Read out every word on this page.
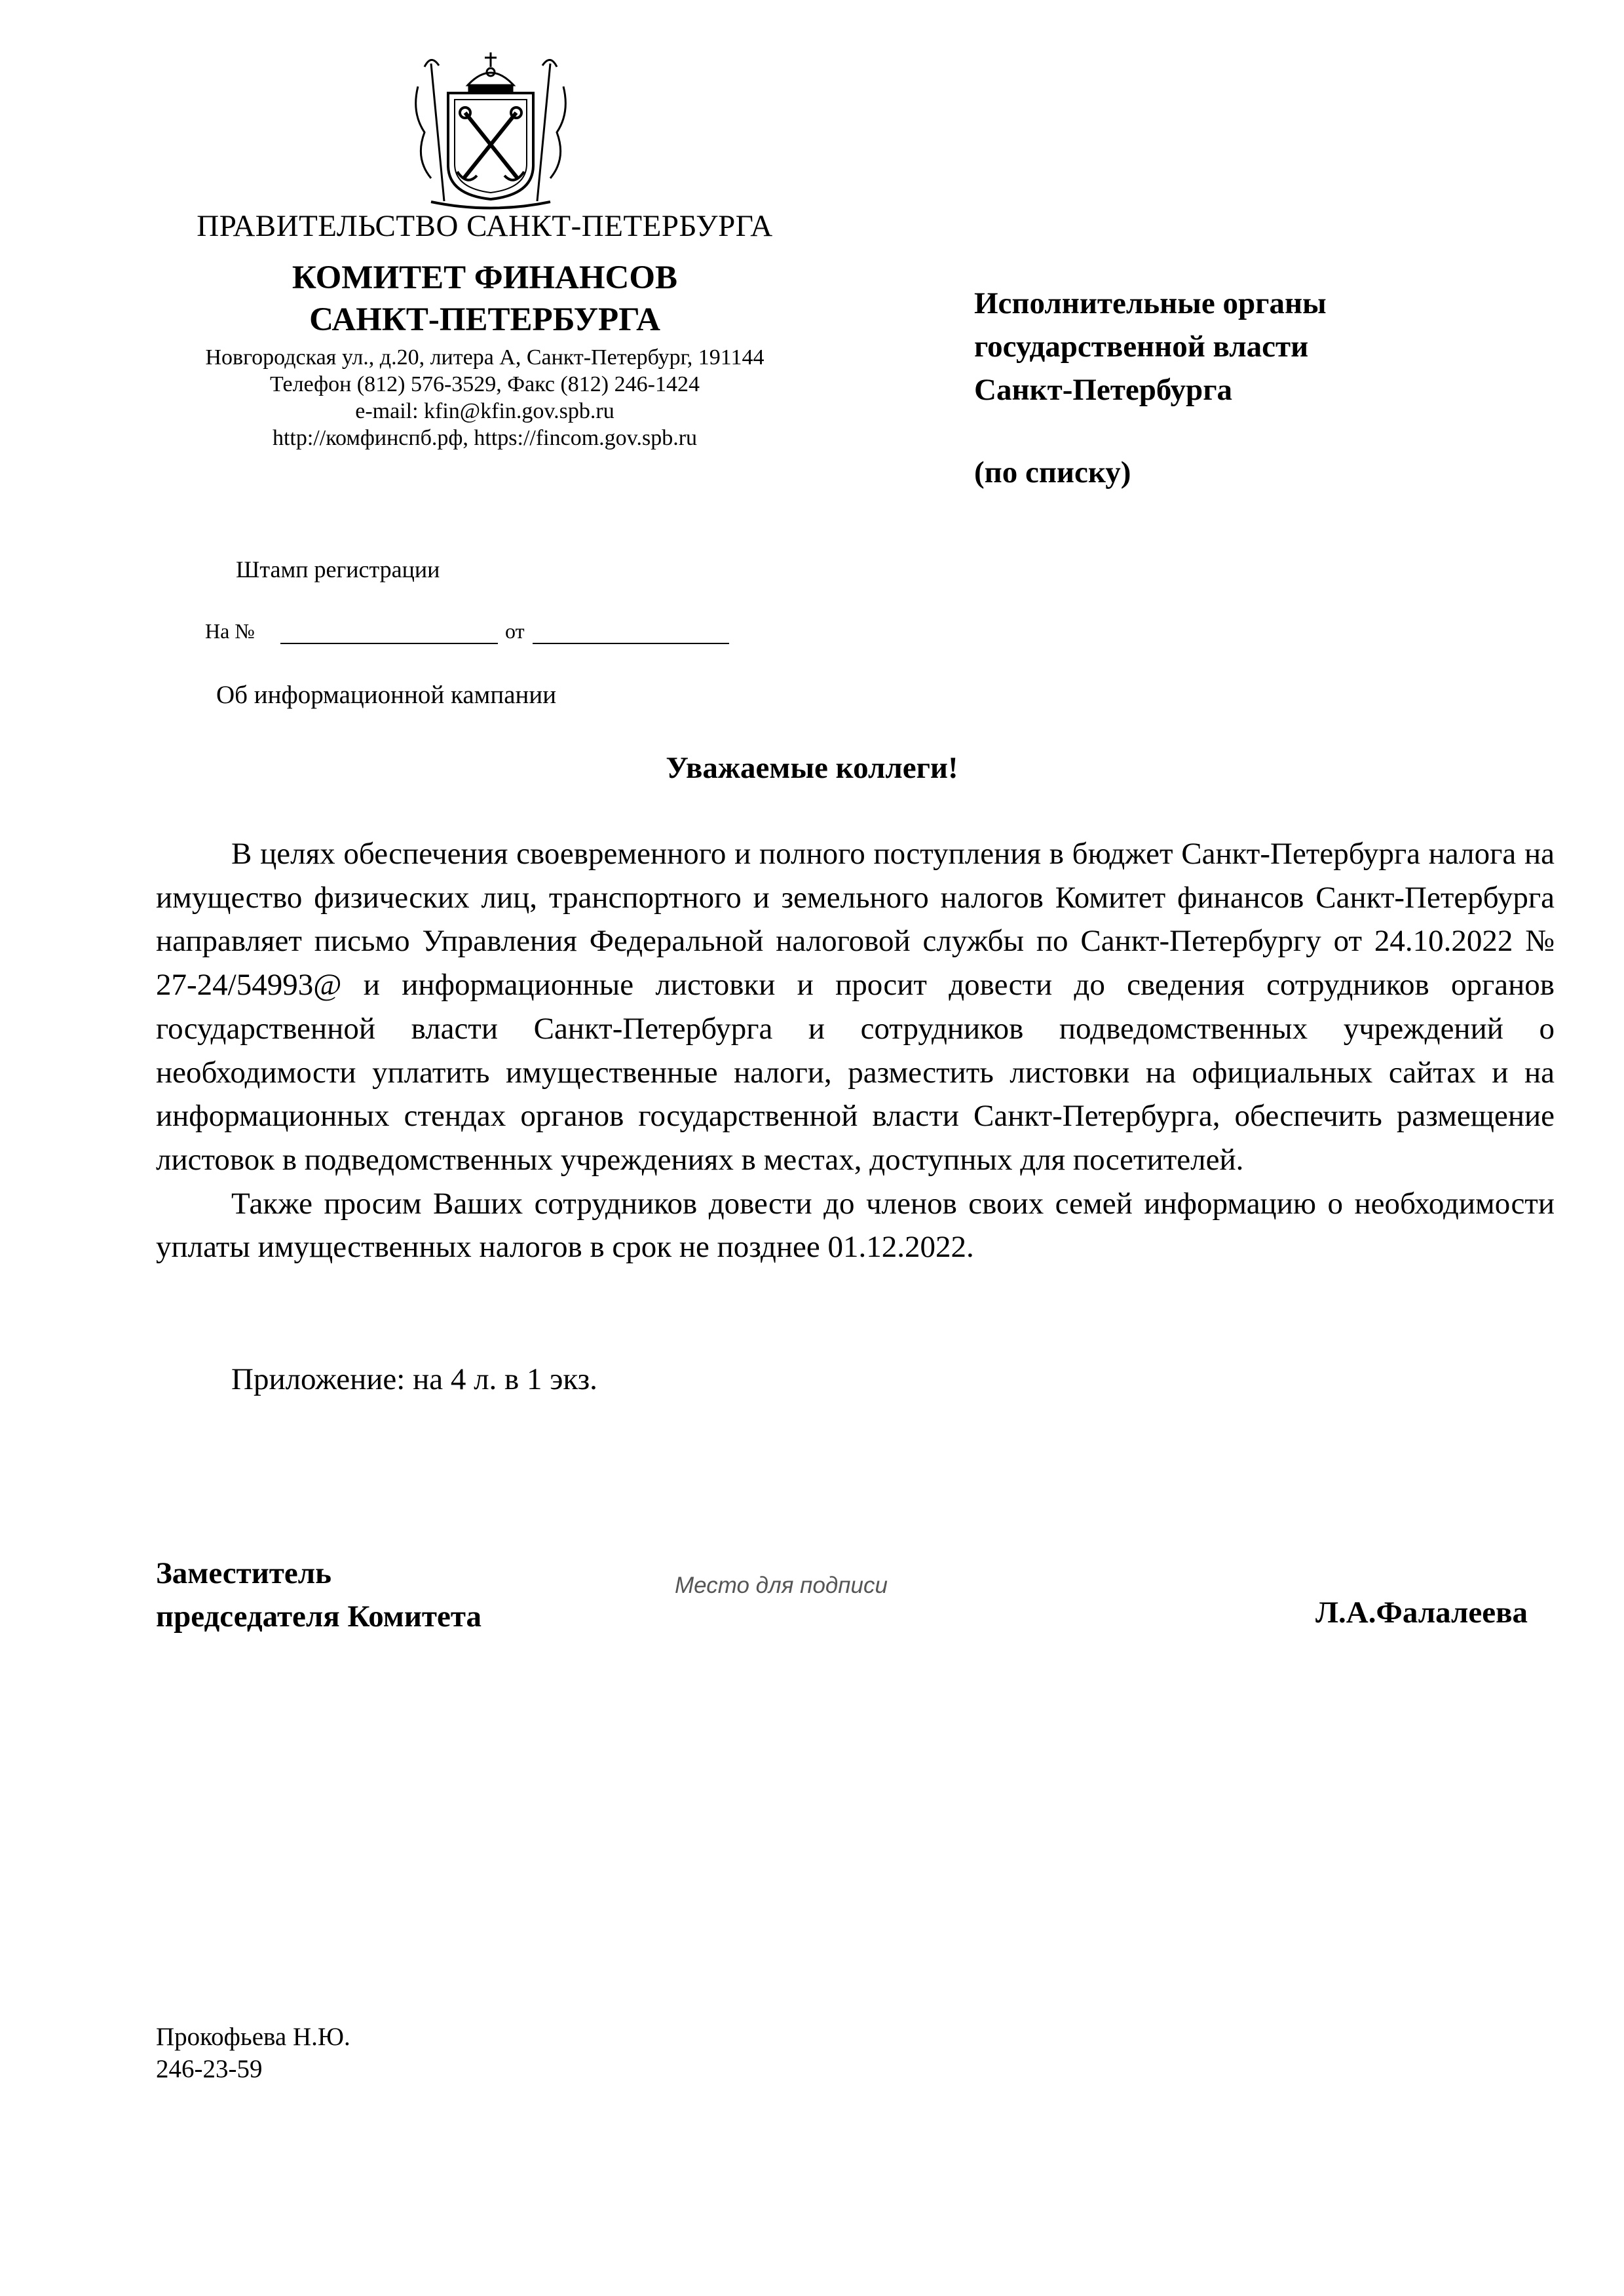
ПРАВИТЕЛЬСТВО САНКТ-ПЕТЕРБУРГА
КОМИТЕТ ФИНАНСОВ
САНКТ-ПЕТЕРБУРГА
Новгородская ул., д.20, литера А, Санкт-Петербург, 191144
Телефон (812) 576-3529, Факс (812) 246-1424
e-mail: kfin@kfin.gov.spb.ru
http://комфинспб.рф, https://fincom.gov.spb.ru
Исполнительные органы
государственной власти
Санкт-Петербурга
(по списку)
Штамп регистрации
На №	от
Об информационной кампании
Уважаемые коллеги!

В целях обеспечения своевременного и полного поступления в бюджет Санкт-Петербурга налога на имущество физических лиц, транспортного и земельного налогов Комитет финансов Санкт-Петербурга направляет письмо Управления Федеральной налоговой службы по Санкт-Петербургу от 24.10.2022 № 27-24/54993@ и информационные листовки и просит довести до сведения сотрудников органов государственной власти Санкт-Петербурга и сотрудников подведомственных учреждений о необходимости уплатить имущественные налоги, разместить листовки на официальных сайтах и на информационных стендах органов государственной власти Санкт-Петербурга, обеспечить размещение листовок в подведомственных учреждениях в местах, доступных для посетителей.

Также просим Ваших сотрудников довести до членов своих семей информацию о необходимости уплаты имущественных налогов в срок не позднее 01.12.2022.

Приложение: на 4 л. в 1 экз.
Заместитель
председателя Комитета
Место для подписи
Л.А.Фалалеева
Прокофьева Н.Ю.
246-23-59
